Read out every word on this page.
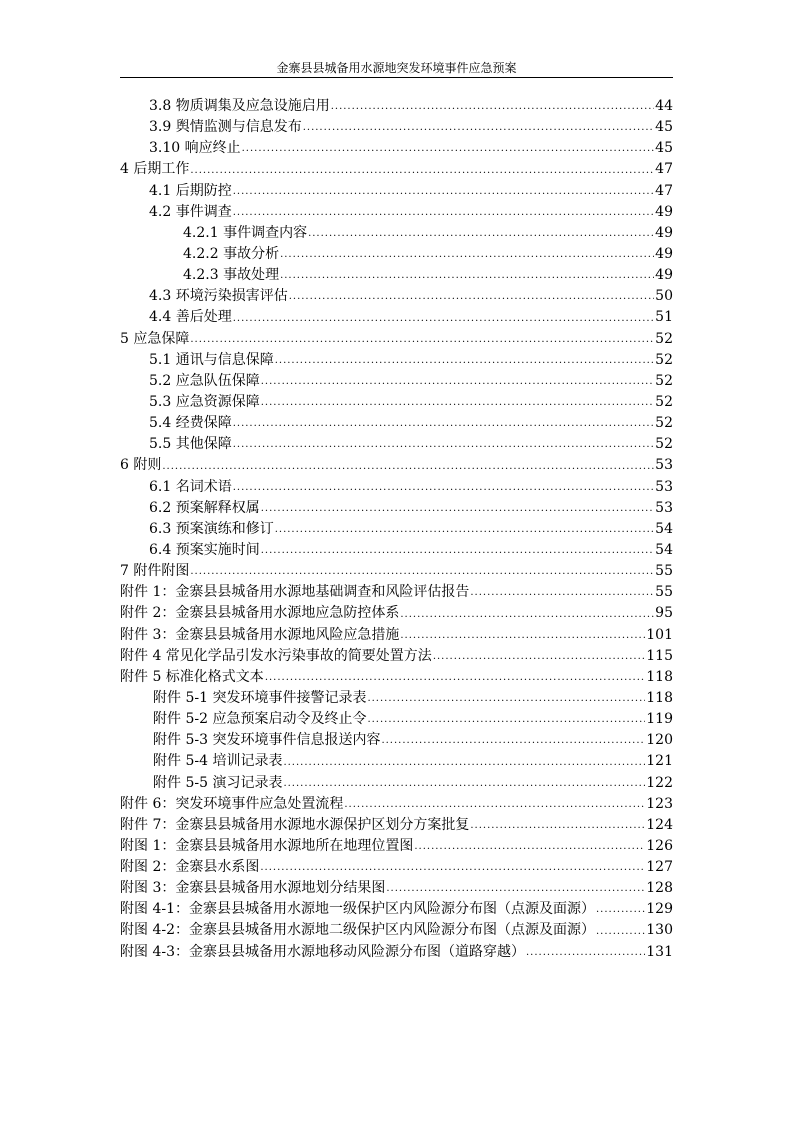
金寨县县城备用水源地突发环境事件应急预案
3.8 物质调集及应急设施启用 .....	44
3.9 舆情监测与信息发布 .....	45
3.10 响应终止 .....	45
4 后期工作 .....	47
4.1 后期防控 .....	47
4.2 事件调查 .....	49
4.2.1 事件调查内容 .....	49
4.2.2 事故分析 .....	49
4.2.3 事故处理 .....	49
4.3 环境污染损害评估 .....	50
4.4 善后处理 .....	51
5 应急保障 .....	52
5.1 通讯与信息保障 .....	52
5.2 应急队伍保障 .....	52
5.3 应急资源保障 .....	52
5.4 经费保障 .....	52
5.5 其他保障 .....	52
6 附则 .....	53
6.1 名词术语 .....	53
6.2 预案解释权属 .....	53
6.3 预案演练和修订 .....	54
6.4 预案实施时间 .....	54
7 附件附图 .....	55
附件 1：金寨县县城备用水源地基础调查和风险评估报告 .....	55
附件 2：金寨县县城备用水源地应急防控体系 .....	95
附件 3：金寨县县城备用水源地风险应急措施 .....	101
附件 4 常见化学品引发水污染事故的简要处置方法 .....	115
附件 5 标准化格式文本 .....	118
附件 5-1 突发环境事件接警记录表 .....	118
附件 5-2 应急预案启动令及终止令 .....	119
附件 5-3 突发环境事件信息报送内容 .....	120
附件 5-4 培训记录表 .....	121
附件 5-5 演习记录表 .....	122
附件 6：突发环境事件应急处置流程 .....	123
附件 7：金寨县县城备用水源地水源保护区划分方案批复 .....	124
附图 1：金寨县县城备用水源地所在地理位置图 .....	126
附图 2：金寨县水系图 .....	127
附图 3：金寨县县城备用水源地划分结果图 .....	128
附图 4-1：金寨县县城备用水源地一级保护区内风险源分布图（点源及面源） .....	129
附图 4-2：金寨县县城备用水源地二级保护区内风险源分布图（点源及面源） .....	130
附图 4-3：金寨县县城备用水源地移动风险源分布图（道路穿越） .....	131
